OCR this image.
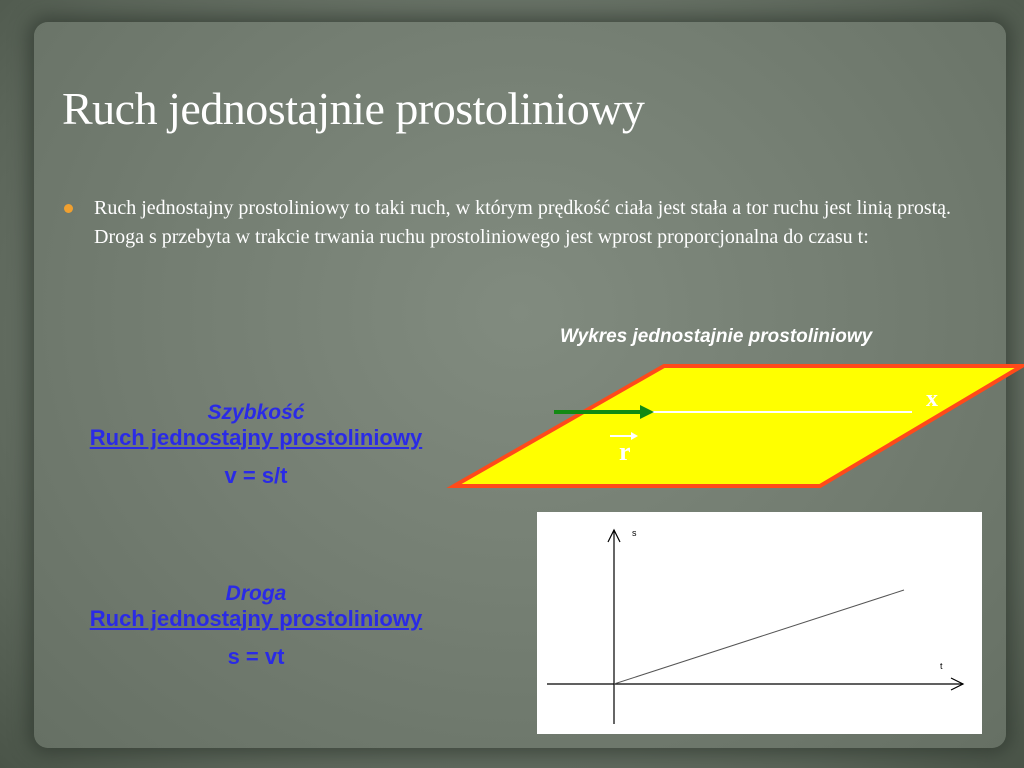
Ruch jednostajnie prostoliniowy
Ruch jednostajny prostoliniowy to taki ruch, w którym prędkość ciała jest stała a tor ruchu jest linią prostą. Droga s przebyta w trakcie trwania ruchu prostoliniowego jest wprost proporcjonalna do czasu t:
Wykres jednostajnie prostoliniowy
x
r
Szybkość
Ruch jednostajny prostoliniowy
v = s/t
Droga
Ruch jednostajny prostoliniowy
s = vt
s
t
